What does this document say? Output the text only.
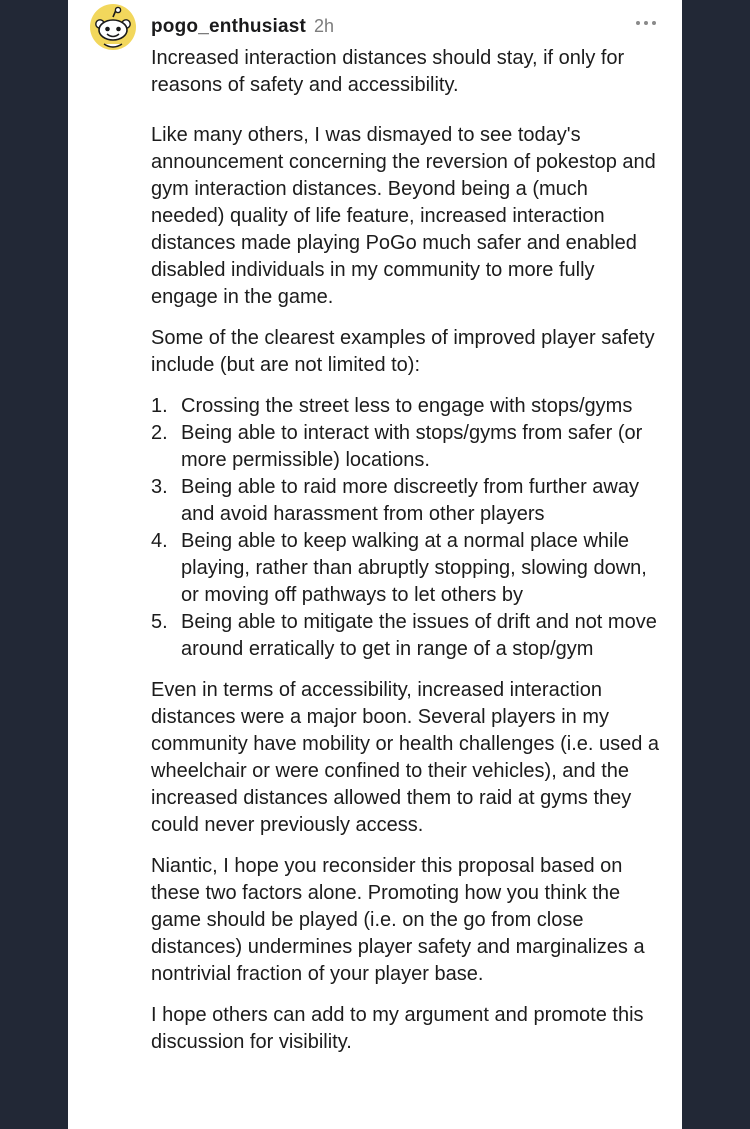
pogo_enthusiast 2h

Increased interaction distances should stay, if only for reasons of safety and accessibility.

Like many others, I was dismayed to see today's announcement concerning the reversion of pokestop and gym interaction distances. Beyond being a (much needed) quality of life feature, increased interaction distances made playing PoGo much safer and enabled disabled individuals in my community to more fully engage in the game.

Some of the clearest examples of improved player safety include (but are not limited to):

1. Crossing the street less to engage with stops/gyms
2. Being able to interact with stops/gyms from safer (or more permissible) locations.
3. Being able to raid more discreetly from further away and avoid harassment from other players
4. Being able to keep walking at a normal place while playing, rather than abruptly stopping, slowing down, or moving off pathways to let others by
5. Being able to mitigate the issues of drift and not move around erratically to get in range of a stop/gym

Even in terms of accessibility, increased interaction distances were a major boon. Several players in my community have mobility or health challenges (i.e. used a wheelchair or were confined to their vehicles), and the increased distances allowed them to raid at gyms they could never previously access.

Niantic, I hope you reconsider this proposal based on these two factors alone. Promoting how you think the game should be played (i.e. on the go from close distances) undermines player safety and marginalizes a nontrivial fraction of your player base.

I hope others can add to my argument and promote this discussion for visibility.
